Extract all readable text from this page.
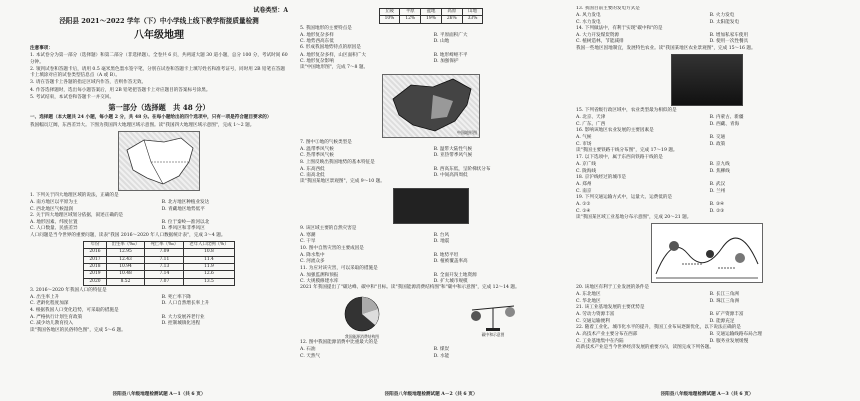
试卷类型：A
泾阳县 2021～2022 学年（下）中小学线上线下教学衔接质量检测
八年级地理
注意事项：
1. 本试卷分为第一部分（选择题）和第二部分（非选择题）。全卷共 6 页，共两道大题 30 道小题，总分 100 分，考试时间 60 分钟。
2. 领到试卷和答题卡后，请用 0.5 毫米黑色墨水签字笔，分别在试卷和答题卡上填写姓名和准考证号，同时用 2B 铅笔在答题卡上填涂对应的试卷类型信息点（A 或 B）。
3. 请在答题卡上各题的指定区域内作答，否则作答无效。
4. 作答选择题时，选出每小题答案后，用 2B 铅笔把答题卡上对应题目的答案标号涂黑。
5. 考试结束，本试卷和答题卡一并交回。
第一部分（选择题　共 48 分）
一、选择题（本大题共 24 小题，每小题 2 分，共 48 分。在每小题给出的四个选项中，只有一项是符合题目要求的）
我国幅员辽阔，东西差异大。下图为我国四大地理区域示意图。读"我国四大地理区域示意图"，完成 1～2 题。
1. 下列关于四大地理区域的说法，正确的是
A. 南方地区以平原为主	B. 北方地区种植业发达
C. 西北地区气候湿润	D. 青藏地区地势低平
2. 关于四大地理区域划分依据，叙述正确的是
A. 地形因素、纬度位置	B. 位于秦岭—淮河以北
C. 人口数量、民族差异	D. 季风区和非季风区
人口问题是当今世界的重要问题，读表"我国 2016～2020 年人口数据统计表"，完成 3～4 题。
年份	出生率（‰）	死亡率（‰）	老年人口比例（%）
2016	12.95	7.09	10.8
2017	12.43	7.11	11.4
2018	10.94	7.13	11.9
2019	10.48	7.14	12.6
2020	8.52	7.07	13.5
3. 2016～2020 年我国人口的特征是
A. 出生率上升	B. 死亡率下降
C. 老龄化程度加深	D. 人口自然增长率上升
4. 根据我国人口变化趋势，可采取的措施是
A. 严格执行计划生育政策	B. 大力发展养老行业
C. 减少幼儿教育投入	D. 控制城镇化进程
读"我国各地区的民俗特色图"，完成 5～6 题。
泾阳县八年级地理检测试题 A－1（共 6 页）
丘陵	平原	盆地	高原	山地
10%	12%	19%	26%	33%
5. 我国地形的主要特点是
A. 地形复杂多样	B. 平原面积广大
C. 地势西高东低	D. 山地
6. 形成我国地势特点的原因是
A. 地形复杂多样，山区面积广大	B. 地形崎岖不平
C. 地形复杂影响	D. 加强保护
读"中国地形图"，完成 7～8 题。
中国地形图
7. 图中①地的气候类型是
A. 温带季风气候	B. 温带大陆性气候
C. 热带季风气候	D. 亚热带季风气候
8. 上图反映出我国地势的基本特征是
A. 东高西低	B. 西高东低，呈阶梯状分布
C. 南高北低	D. 中间高四周低
读"我国某地区景观图"，完成 9～10 题。
9. 该区域主要的自然灾害是
A. 寒潮	B. 台风
C. 干旱	D. 地震
10. 图中自然灾害的主要成因是
A. 降水集中	B. 地势平坦
C. 河流众多	D. 植被覆盖率高
11. 为应对该灾害，可以采取的措施是
A. 加强监测和预报	B. 全面开发土地资源
C. 大规模修建水库	D. 扩大城市规模
2021 年我国提出了"碳达峰、碳中和"目标。读"我国能源消费结构图"和"碳中和示意图"，完成 12～14 题。
我国能源消费结构图	碳中和示意图
12. 图中我国能源消费中比重最大的是
A. 石油	B. 煤炭
C. 天然气	D. 水能
泾阳县八年级地理检测试题 A－2（共 6 页）
13. 我国目前主要的发电方式是
A. 风力发电	B. 火力发电
C. 水力发电	D. 太阳能发电
14. 下列做法中，有利于实现"碳中和"的是
A. 大力开发煤炭资源	B. 增加私家车使用
C. 植树造林，节能减排	D. 使用一次性餐具
我国一些地区因地制宜，发展特色农业。读"我国某地区农业景观图"，完成 15～16 题。
15. 下列省级行政区域中，农业类型最为相似的是
A. 北京、天津	B. 内蒙古、新疆
C. 广东、广西	D. 西藏、青海
16. 影响该地区农业发展的主要因素是
A. 气候	B. 交通
C. 市场	D. 政策
读"我国主要铁路干线分布图"，完成 17～19 题。
17. 以下选项中，属于东西向铁路干线的是
A. 京广线	B. 京九线
C. 陇海线	D. 焦柳线
18. 京沪线经过的城市是
A. 郑州	B. 武汉
C. 南京	D. 兰州
19. 下列交通运输方式中，运量大、运费低的是
A. ①②	B. ③④
C. ①④	D. ②③
读"我国某区域工业基地分布示意图"，完成 20～21 题。
20. 该地区有利于工业发展的条件是
A. 东北地区	B. 长江三角洲
C. 华北地区	D. 珠江三角洲
21. 该工业基地发展的主要优势是
A. 劳动力资源丰富	B. 矿产资源丰富
C. 交通运输便利	D. 能源充足
22. 随着工业化、城市化水平的提升，我国工业布局逐渐优化，以下说法正确的是
A. 高技术产业主要分布在西部	B. 交通运输线路布局合理
C. 工业基地集中在内陆	D. 服务业发展缓慢
高新技术产业是当今世界经济发展的重要方向，读图完成下列各题。
泾阳县八年级地理检测试题 A－3（共 6 页）
